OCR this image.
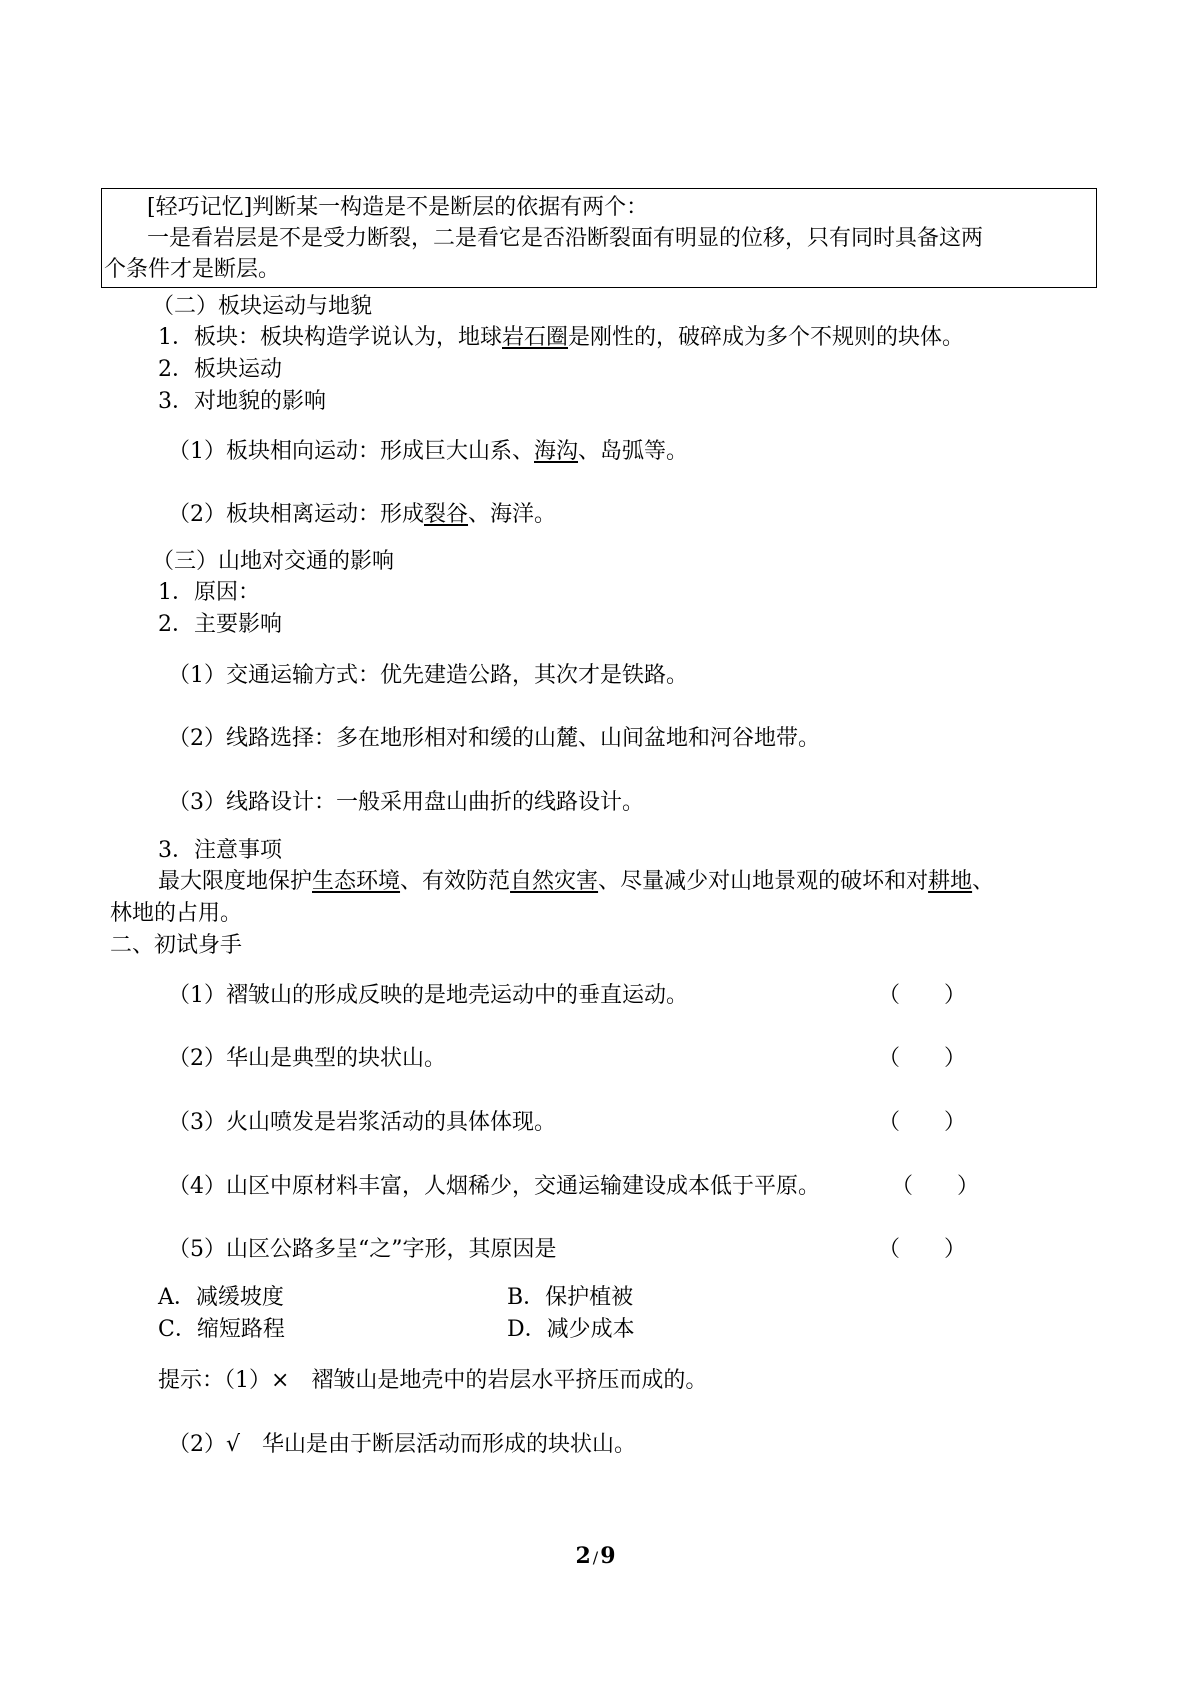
[轻巧记忆]判断某一构造是不是断层的依据有两个：
一是看岩层是不是受力断裂，二是看它是否沿断裂面有明显的位移，只有同时具备这两
个条件才是断层。
（二）板块运动与地貌
1．板块：板块构造学说认为，地球岩石圈是刚性的，破碎成为多个不规则的块体。
2．板块运动
3．对地貌的影响
（1）板块相向运动：形成巨大山系、海沟、岛弧等。
（2）板块相离运动：形成裂谷、海洋。
（三）山地对交通的影响
1．原因：
2．主要影响
（1）交通运输方式：优先建造公路，其次才是铁路。
（2）线路选择：多在地形相对和缓的山麓、山间盆地和河谷地带。
（3）线路设计：一般采用盘山曲折的线路设计。
3．注意事项
最大限度地保护生态环境、有效防范自然灾害、尽量减少对山地景观的破坏和对耕地、
林地的占用。
二、初试身手
（1）褶皱山的形成反映的是地壳运动中的垂直运动。	（　　）
（2）华山是典型的块状山。	（　　）
（3）火山喷发是岩浆活动的具体体现。	（　　）
（4）山区中原材料丰富，人烟稀少，交通运输建设成本低于平原。	（　　）
（5）山区公路多呈“之”字形，其原因是	（　　）
A．减缓坡度	B．保护植被
C．缩短路程	D．减少成本
提示：（1）×　褶皱山是地壳中的岩层水平挤压而成的。
（2）√　华山是由于断层活动而形成的块状山。
2 /9
